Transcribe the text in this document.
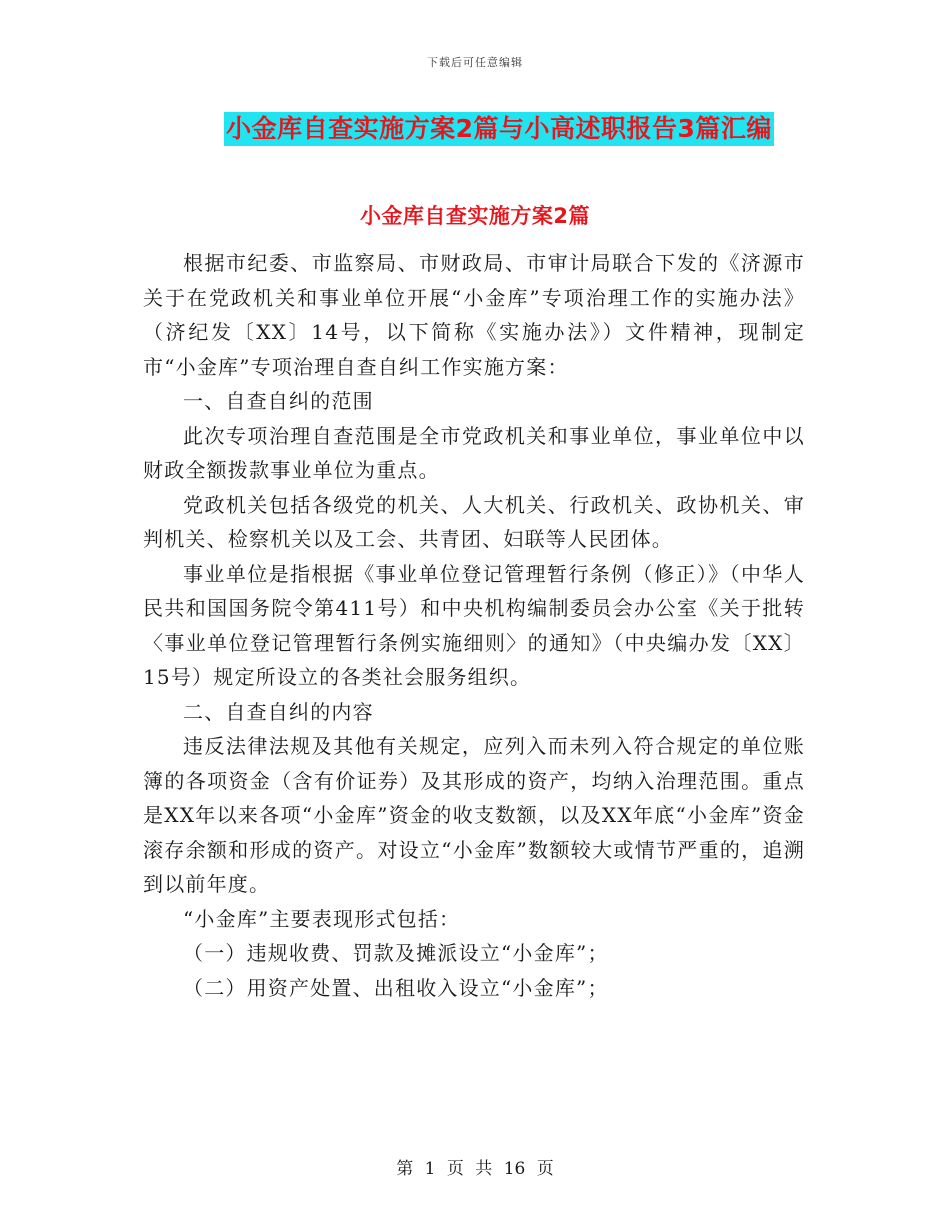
下载后可任意编辑
小金库自查实施方案2篇与小高述职报告3篇汇编
小金库自查实施方案2篇

根据市纪委、市监察局、市财政局、市审计局联合下发的《济源市关于在党政机关和事业单位开展“小金库”专项治理工作的实施办法》（济纪发〔XX〕14号，以下简称《实施办法》）文件精神，现制定市“小金库”专项治理自查自纠工作实施方案：

一、自查自纠的范围

此次专项治理自查范围是全市党政机关和事业单位，事业单位中以财政全额拨款事业单位为重点。

党政机关包括各级党的机关、人大机关、行政机关、政协机关、审判机关、检察机关以及工会、共青团、妇联等人民团体。

事业单位是指根据《事业单位登记管理暂行条例（修正）》（中华人民共和国国务院令第411号）和中央机构编制委员会办公室《关于批转〈事业单位登记管理暂行条例实施细则〉的通知》（中央编办发〔XX〕15号）规定所设立的各类社会服务组织。

二、自查自纠的内容

违反法律法规及其他有关规定，应列入而未列入符合规定的单位账簿的各项资金（含有价证券）及其形成的资产，均纳入治理范围。重点是XX年以来各项“小金库”资金的收支数额，以及XX年底“小金库”资金滚存余额和形成的资产。对设立“小金库”数额较大或情节严重的，追溯到以前年度。

“小金库”主要表现形式包括：

（一）违规收费、罚款及摊派设立“小金库”；

（二）用资产处置、出租收入设立“小金库”；

第 1 页 共 16 页
